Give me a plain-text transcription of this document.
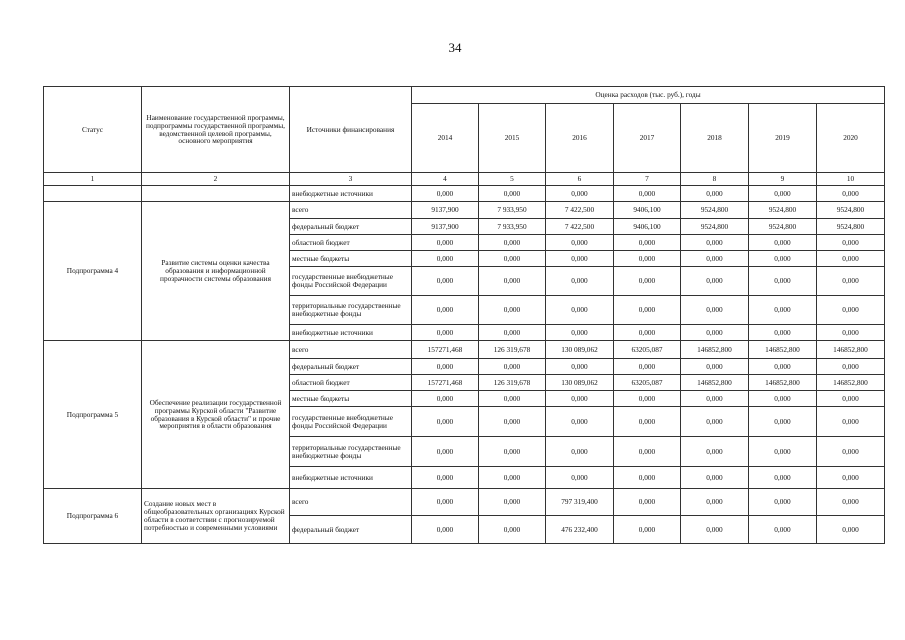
34
Статус	Наименование государственной программы, подпрограммы государственной программы, ведомственной целевой программы, основного мероприятия	Источники финансирования	Оценка расходов (тыс. руб.), годы						
			2014	2015	2016	2017	2018	2019	2020
1	2	3	4	5	6	7	8	9	10
		внебюджетные источники	0,000	0,000	0,000	0,000	0,000	0,000	0,000
Подпрограмма 4	Развитие системы оценки качества образования и информационной прозрачности системы образования	всего	9137,900	7 933,950	7 422,500	9406,100	9524,800	9524,800	9524,800
		федеральный бюджет	9137,900	7 933,950	7 422,500	9406,100	9524,800	9524,800	9524,800
		областной бюджет	0,000	0,000	0,000	0,000	0,000	0,000	0,000
		местные бюджеты	0,000	0,000	0,000	0,000	0,000	0,000	0,000
		государственные внебюджетные фонды Российской Федерации	0,000	0,000	0,000	0,000	0,000	0,000	0,000
		территориальные государственные внебюджетные фонды	0,000	0,000	0,000	0,000	0,000	0,000	0,000
		внебюджетные источники	0,000	0,000	0,000	0,000	0,000	0,000	0,000
Подпрограмма 5	Обеспечение реализации государственной программы Курской области "Развитие образования в Курской области" и прочие мероприятия в области образования	всего	157271,468	126 319,678	130 089,062	63205,087	146852,800	146852,800	146852,800
		федеральный бюджет	0,000	0,000	0,000	0,000	0,000	0,000	0,000
		областной бюджет	157271,468	126 319,678	130 089,062	63205,087	146852,800	146852,800	146852,800
		местные бюджеты	0,000	0,000	0,000	0,000	0,000	0,000	0,000
		государственные внебюджетные фонды Российской Федерации	0,000	0,000	0,000	0,000	0,000	0,000	0,000
		территориальные государственные внебюджетные фонды	0,000	0,000	0,000	0,000	0,000	0,000	0,000
		внебюджетные источники	0,000	0,000	0,000	0,000	0,000	0,000	0,000
Подпрограмма 6	Создание новых мест в общеобразовательных организациях Курской области в соответствии с прогнозируемой потребностью и современными условиями	всего	0,000	0,000	797 319,400	0,000	0,000	0,000	0,000
		федеральный бюджет	0,000	0,000	476 232,400	0,000	0,000	0,000	0,000
